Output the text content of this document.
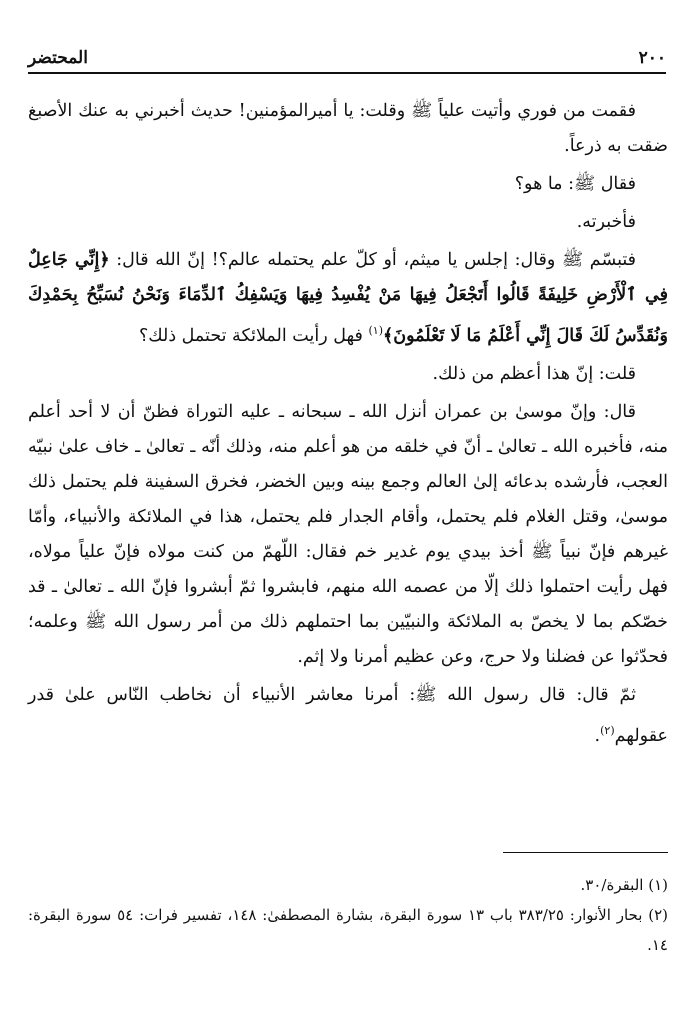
٢٠٠
المحتضر

فقمت من فوري وأتيت علياً ﷺ وقلت: يا أميرالمؤمنين! حديث أخبرني به عنك الأصبغ ضقت به ذرعاً.

فقال ﷺ: ما هو؟

فأخبرته.

فتبسّم ﷺ وقال: إجلس يا ميثم، أو كلّ علم يحتمله عالم؟! إنّ الله قال: ﴿إِنِّي جَاعِلٌ فِي ٱلْأَرْضِ خَلِيفَةً قَالُوا أَتَجْعَلُ فِيهَا مَنْ يُفْسِدُ فِيهَا وَيَسْفِكُ ٱلدِّمَاءَ وَنَحْنُ نُسَبِّحُ بِحَمْدِكَ وَنُقَدِّسُ لَكَ قَالَ إِنِّي أَعْلَمُ مَا لَا تَعْلَمُونَ﴾$^{(١)}$ فهل رأيت الملائكة تحتمل ذلك؟

قلت: إنّ هذا أعظم من ذلك.

قال: وإنّ موسىٰ بن عمران أنزل الله ـ سبحانه ـ عليه التوراة فظنّ أن لا أحد أعلم منه، فأخبره الله ـ تعالىٰ ـ أنّ في خلقه من هو أعلم منه، وذلك أنّه ـ تعالىٰ ـ خاف علىٰ نبيّه العجب، فأرشده بدعائه إلىٰ العالم وجمع بينه وبين الخضر، فخرق السفينة فلم يحتمل ذلك موسىٰ، وقتل الغلام فلم يحتمل، وأقام الجدار فلم يحتمل، هذا في الملائكة والأنبياء، وأمّا غيرهم فإنّ نبياً ﷺ أخذ بيدي يوم غدير خم فقال: اللّهمّ من كنت مولاه فإنّ علياً مولاه، فهل رأيت احتملوا ذلك إلّا من عصمه الله منهم، فابشروا ثمّ أبشروا فإنّ الله ـ تعالىٰ ـ قد خصّكم بما لا يخصّ به الملائكة والنبيّين بما احتملهم ذلك من أمر رسول الله ﷺ وعلمه؛ فحدّثوا عن فضلنا ولا حرج، وعن عظيم أمرنا ولا إثم.

ثمّ قال: قال رسول الله ﷺ: أمرنا معاشر الأنبياء أن نخاطب النّاس علىٰ قدر عقولهم$^{(٢)}$.

(١) البقرة/٣٠.
(٢) بحار الأنوار: ٣٨٣/٢٥ باب ١٣ سورة البقرة، بشارة المصطفىٰ: ١٤٨، تفسير فرات: ٥٤ سورة البقرة: ١٤.
